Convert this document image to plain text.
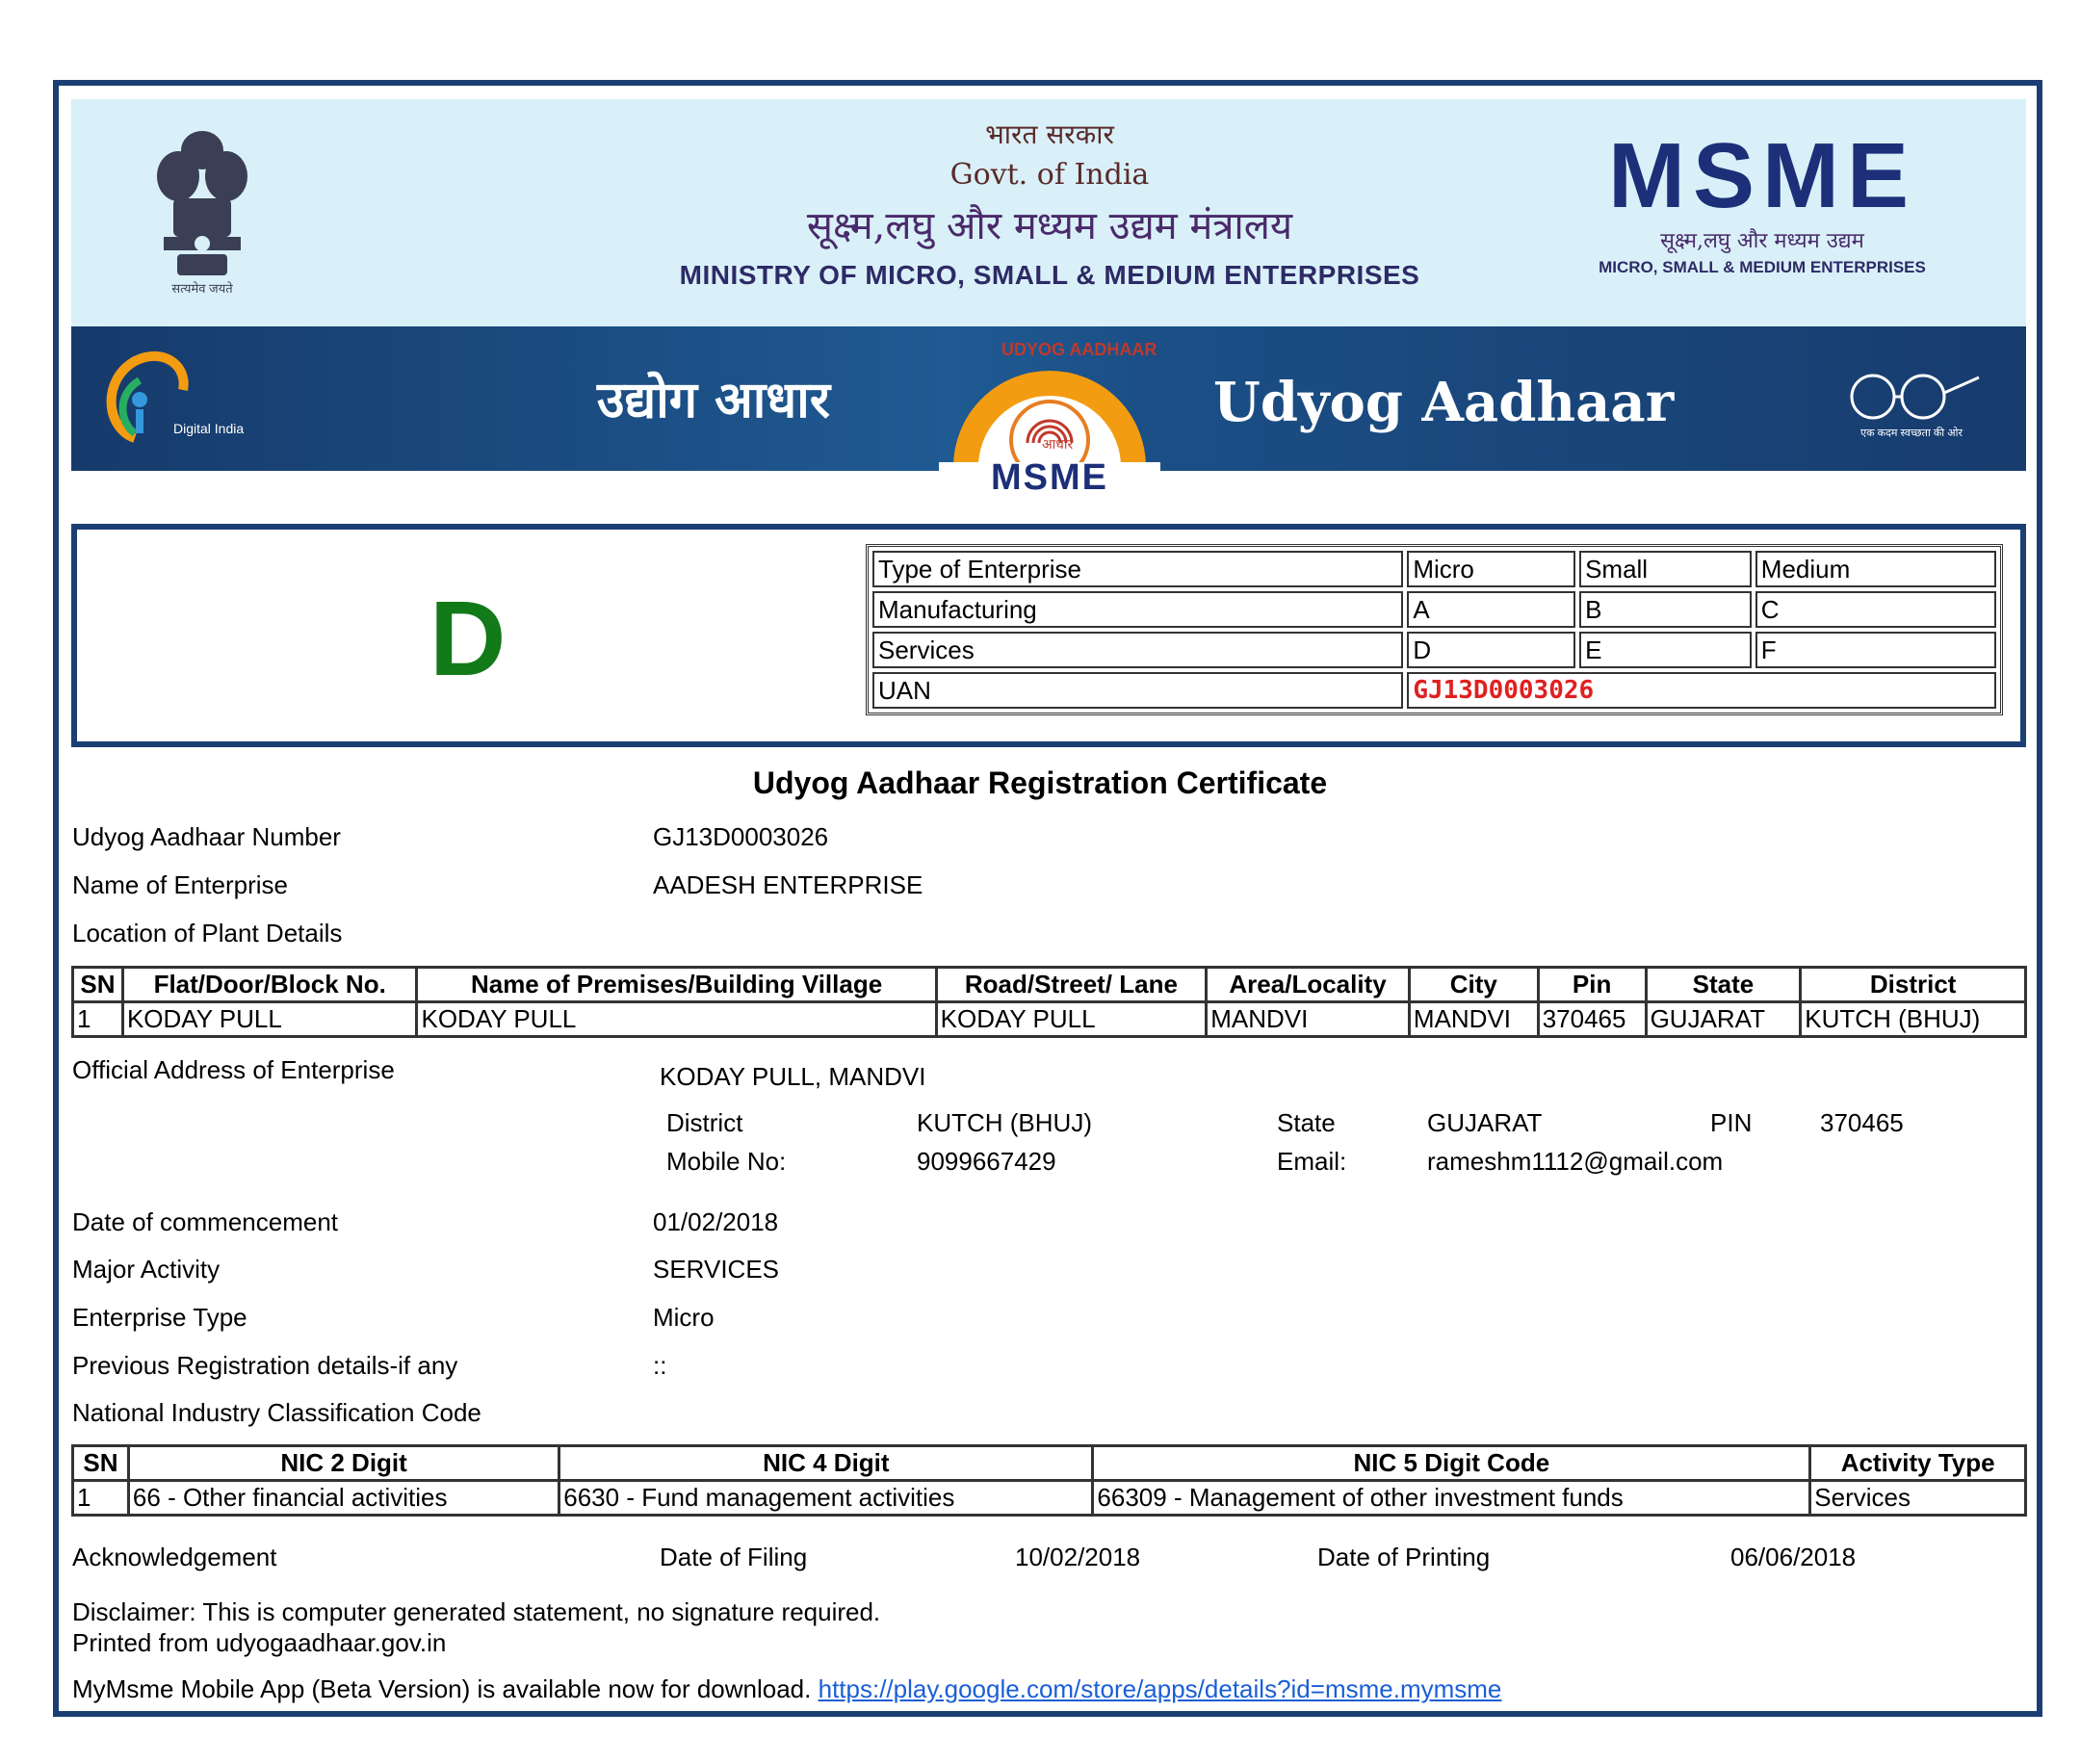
सत्यमेव जयते
भारत सरकार
Govt. of India
सूक्ष्म,लघु और मध्यम उद्यम मंत्रालय
MINISTRY OF MICRO, SMALL & MEDIUM ENTERPRISES
MSME
सूक्ष्म,लघु और मध्यम उद्यम
MICRO, SMALL & MEDIUM ENTERPRISES
Digital India	उद्योग आधार
UDYOG AADHAAR
आधार
MSME
Udyog Aadhaar	एक कदम स्वच्छता की ओर
D
Type of Enterprise	Micro	Small	Medium
Manufacturing	A	B	C
Services	D	E	F
UAN	GJ13D0003026		
Udyog Aadhaar Registration Certificate
Udyog Aadhaar Number	GJ13D0003026
Name of Enterprise	AADESH ENTERPRISE
Location of Plant Details
SN	Flat/Door/Block No.	Name of Premises/Building Village	Road/Street/ Lane	Area/Locality	City	Pin	State	District
1	KODAY PULL	KODAY PULL	KODAY PULL	MANDVI	MANDVI	370465	GUJARAT	KUTCH (BHUJ)
Official Address of Enterprise	KODAY PULL, MANDVI
District	KUTCH (BHUJ)	State	GUJARAT	PIN	370465
Mobile No:	9099667429	Email:	rameshm1112@gmail.com
Date of commencement	01/02/2018
Major Activity	SERVICES
Enterprise Type	Micro
Previous Registration details-if any	::
National Industry Classification Code
SN	NIC 2 Digit	NIC 4 Digit	NIC 5 Digit Code	Activity Type
1	66 - Other financial activities	6630 - Fund management activities	66309 - Management of other investment funds	Services
Acknowledgement	Date of Filing	10/02/2018	Date of Printing	06/06/2018
Disclaimer: This is computer generated statement, no signature required.
Printed from udyogaadhaar.gov.in
MyMsme Mobile App (Beta Version) is available now for download. https://play.google.com/store/apps/details?id=msme.mymsme
